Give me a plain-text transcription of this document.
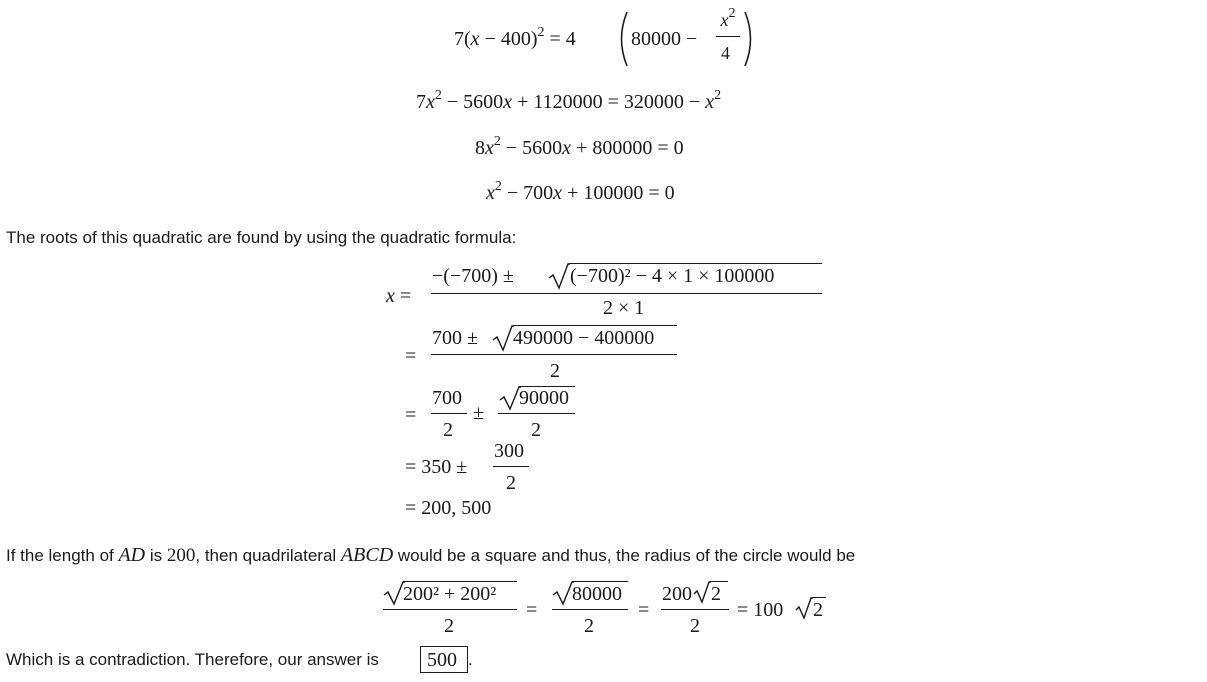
$7(x - 400)^2 = 4$	80000 −
$x^2$
4
$7x^2 - 5600x + 1120000 = 320000 - x^2$
$8x^2 - 5600x + 800000 = 0$
$x^2 - 700x + 100000 = 0$
The roots of this quadratic are found by using the quadratic formula:
x =
−(−700) ±	(−700)² − 4 × 1 × 100000
2 × 1
=
700 ± 490000 − 400000
2
=
700
2
±
90000
2
= 350 ±
300
2
= 200, 500
If the length of AD is 200, then quadrilateral ABCD would be a square and thus, the radius of the circle would be
200² + 200²
2
=
80000
2
=
200 2
2
= 100 2
Which is a contradiction. Therefore, our answer is 500 .
